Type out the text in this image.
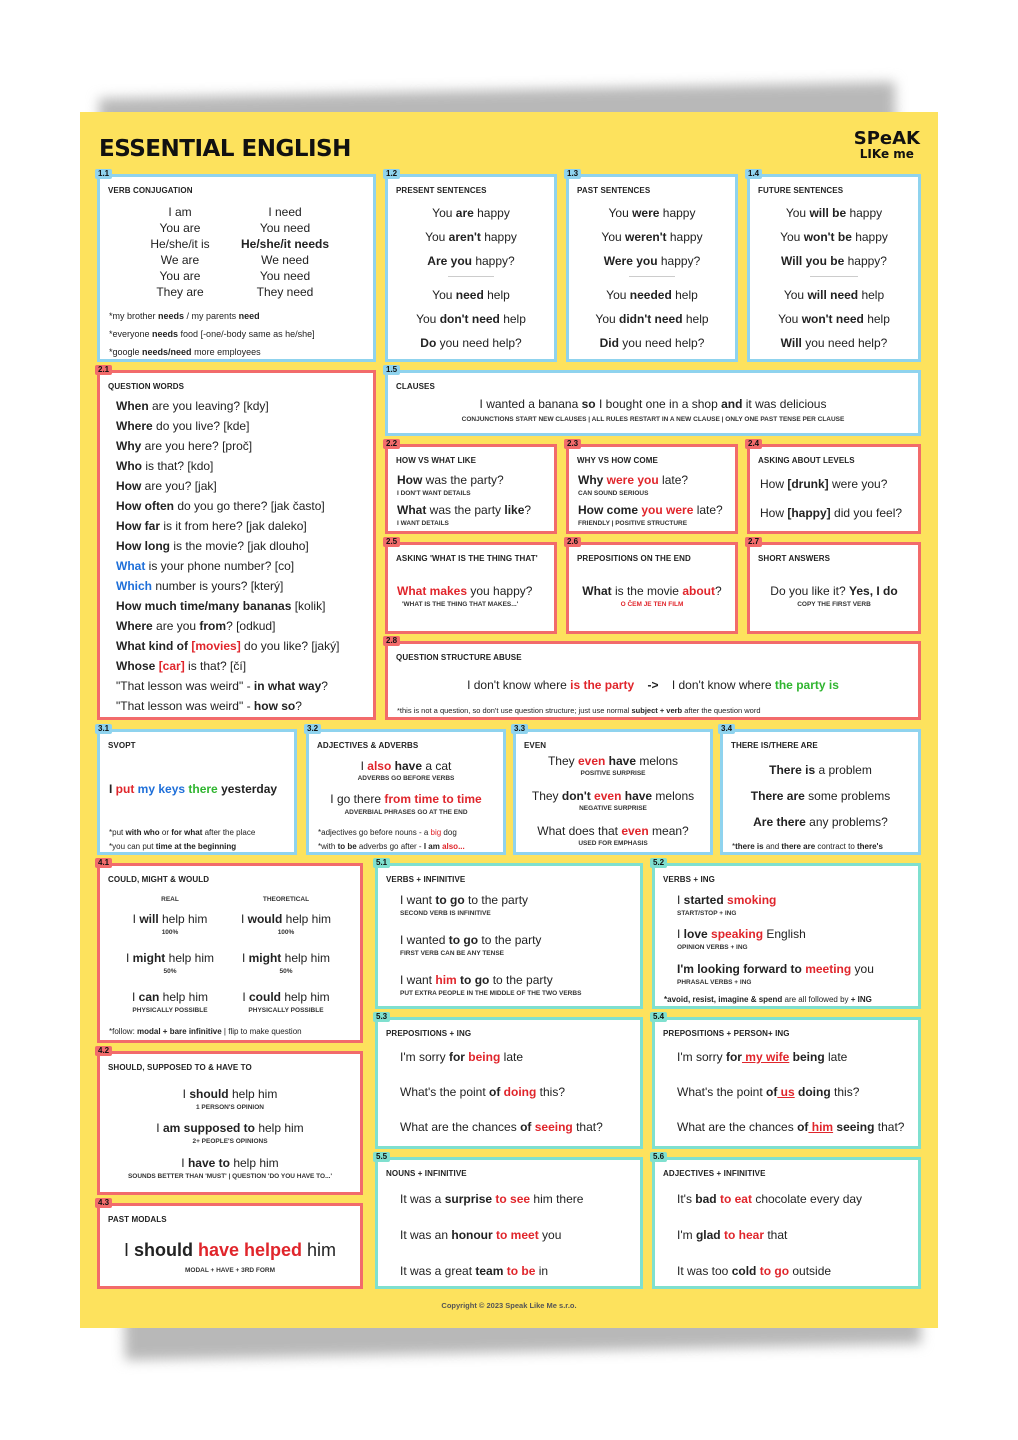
ESSENTIAL ENGLISH	SPeAK
LIKe me
1.1
VERB CONJUGATION
I am
You are
He/she/it is
We are
You are
They are
I need
You need
He/she/it needs
We need
You need
They need
*my brother needs / my parents need
*everyone needs food [-one/-body same as he/she]
*google needs/need more employees
1.2
PRESENT SENTENCES
You are happy
You aren't happy
Are you happy?
You need help
You don't need help
Do you need help?
1.3
PAST SENTENCES
You were happy
You weren't happy
Were you happy?
You needed help
You didn't need help
Did you need help?
1.4
FUTURE SENTENCES
You will be happy
You won't be happy
Will you be happy?
You will need help
You won't need help
Will you need help?
2.1
QUESTION WORDS
When are you leaving? [kdy]
Where do you live? [kde]
Why are you here? [proč]
Who is that? [kdo]
How are you? [jak]
How often do you go there? [jak často]
How far is it from here? [jak daleko]
How long is the movie? [jak dlouho]
What is your phone number? [co]
Which number is yours? [který]
How much time/many bananas [kolik]
Where are you from? [odkud]
What kind of [movies] do you like? [jaký]
Whose [car] is that? [čí]
"That lesson was weird" - in what way?
"That lesson was weird" - how so?
1.5
CLAUSES
I wanted a banana so I bought one in a shop and it was delicious
CONJUNCTIONS START NEW CLAUSES | ALL RULES RESTART IN A NEW CLAUSE | ONLY ONE PAST TENSE PER CLAUSE
2.2
HOW VS WHAT LIKE
How was the party?
I DON'T WANT DETAILS
What was the party like?
I WANT DETAILS
2.3
WHY VS HOW COME
Why were you late?
CAN SOUND SERIOUS
How come you were late?
FRIENDLY | POSITIVE STRUCTURE
2.4
ASKING ABOUT LEVELS
How [drunk] were you?
How [happy] did you feel?
2.5
ASKING 'WHAT IS THE THING THAT'
What makes you happy?
'WHAT IS THE THING THAT MAKES...'
2.6
PREPOSITIONS ON THE END
What is the movie about?
O ČEM JE TEN FILM
2.7
SHORT ANSWERS
Do you like it? Yes, I do
COPY THE FIRST VERB
2.8
QUESTION STRUCTURE ABUSE
I don't know where is the party -> I don't know where the party is
*this is not a question, so don't use question structure; just use normal subject + verb after the question word
3.1
SVOPT
I put my keys there yesterday
*put with who or for what after the place
*you can put time at the beginning
3.2
ADJECTIVES & ADVERBS
I also have a cat
ADVERBS GO BEFORE VERBS
I go there from time to time
ADVERBIAL PHRASES GO AT THE END
*adjectives go before nouns - a big dog
*with to be adverbs go after - I am also...
3.3
EVEN
They even have melons
POSITIVE SURPRISE
They don't even have melons
NEGATIVE SURPRISE
What does that even mean?
USED FOR EMPHASIS
3.4
THERE IS/THERE ARE
There is a problem
There are some problems
Are there any problems?
*there is and there are contract to there's
4.1
COULD, MIGHT & WOULD
REAL	THEORETICAL
I will help him
100%
I would help him
100%
I might help him
50%
I might help him
50%
I can help him
PHYSICALLY POSSIBLE
I could help him
PHYSICALLY POSSIBLE
*follow: modal + bare infinitive | flip to make question
4.2
SHOULD, SUPPOSED TO & HAVE TO
I should help him
1 PERSON'S OPINION
I am supposed to help him
2+ PEOPLE'S OPINIONS
I have to help him
SOUNDS BETTER THAN 'MUST' | QUESTION 'DO YOU HAVE TO...'
4.3
PAST MODALS
I should have helped him
MODAL + HAVE + 3RD FORM
5.1
VERBS + INFINITIVE
I want to go to the party
SECOND VERB IS INFINITIVE
I wanted to go to the party
FIRST VERB CAN BE ANY TENSE
I want him to go to the party
PUT EXTRA PEOPLE IN THE MIDDLE OF THE TWO VERBS
5.2
VERBS + ING
I started smoking
START/STOP + ING
I love speaking English
OPINION VERBS + ING
I'm looking forward to meeting you
PHRASAL VERBS + ING
*avoid, resist, imagine & spend are all followed by + ING
5.3
PREPOSITIONS + ING
I'm sorry for being late
What's the point of doing this?
What are the chances of seeing that?
5.4
PREPOSITIONS + PERSON+ ING
I'm sorry for my wife being late
What's the point of us doing this?
What are the chances of him seeing that?
5.5
NOUNS + INFINITIVE
It was a surprise to see him there
It was an honour to meet you
It was a great team to be in
5.6
ADJECTIVES + INFINITIVE
It's bad to eat chocolate every day
I'm glad to hear that
It was too cold to go outside
Copyright © 2023 Speak Like Me s.r.o.
